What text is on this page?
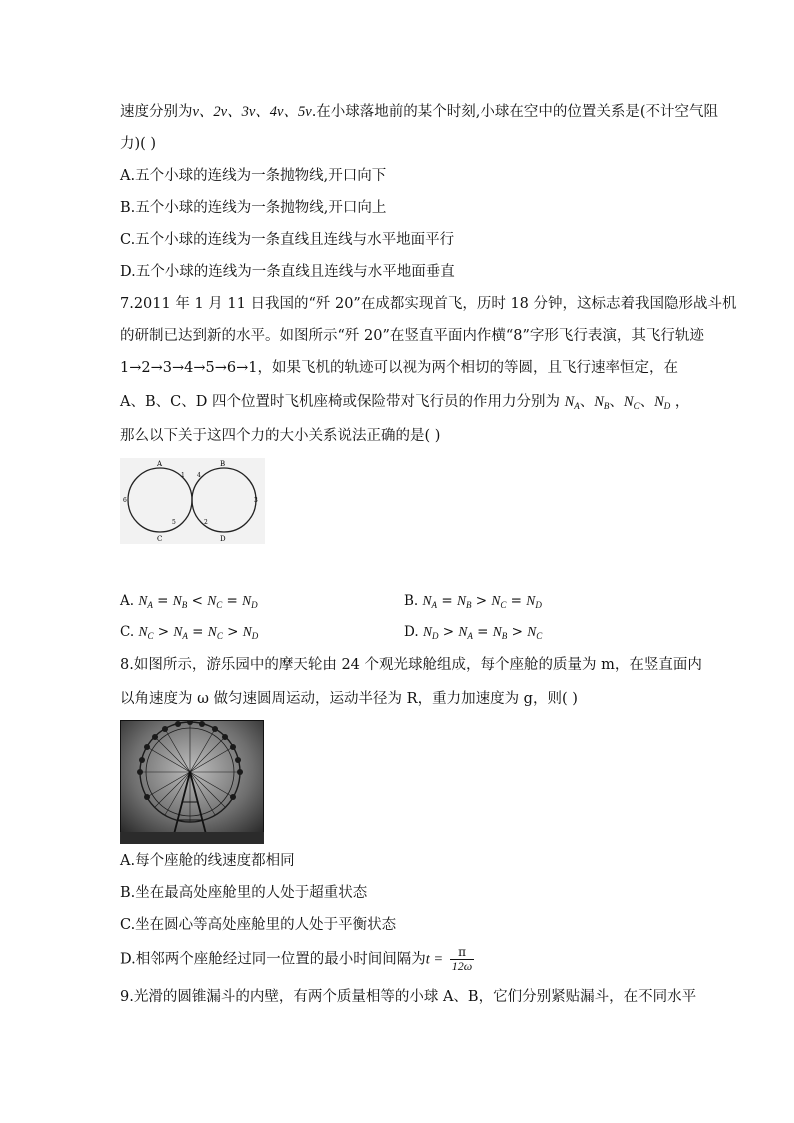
速度分别为v、2v、3v、4v、5v.在小球落地前的某个时刻,小球在空中的位置关系是(不计空气阻
力)( )
A.五个小球的连线为一条抛物线,开口向下
B.五个小球的连线为一条抛物线,开口向上
C.五个小球的连线为一条直线且连线与水平地面平行
D.五个小球的连线为一条直线且连线与水平地面垂直
7.2011 年 1 月 11 日我国的“歼 20”在成都实现首飞，历时 18 分钟，这标志着我国隐形战斗机
的研制已达到新的水平。如图所示“歼 20”在竖直平面内作横“8”字形飞行表演，其飞行轨迹
1→2→3→4→5→6→1，如果飞机的轨迹可以视为两个相切的等圆，且飞行速率恒定，在
A、B、C、D 四个位置时飞机座椅或保险带对飞行员的作用力分别为 $N_A$、$N_B$、$N_C$、$N_D$ ，
那么以下关于这四个力的大小关系说法正确的是( )
A	B
C	D
1 4
2
3
5
6
A. $N_A = N_B < N_C = N_D$	B. $N_A = N_B > N_C = N_D$
C. $N_C > N_A = N_C > N_D$	D. $N_D > N_A = N_B > N_C$
8.如图所示，游乐园中的摩天轮由 24 个观光球舱组成，每个座舱的质量为 m，在竖直面内
以角速度为 ω 做匀速圆周运动，运动半径为 R，重力加速度为 g，则( )
A.每个座舱的线速度都相同
B.坐在最高处座舱里的人处于超重状态
C.坐在圆心等高处座舱里的人处于平衡状态
D.相邻两个座舱经过同一位置的最小时间间隔为$t = \frac{\pi}{12\omega}$
9.光滑的圆锥漏斗的内壁，有两个质量相等的小球 A、B，它们分别紧贴漏斗，在不同水平
